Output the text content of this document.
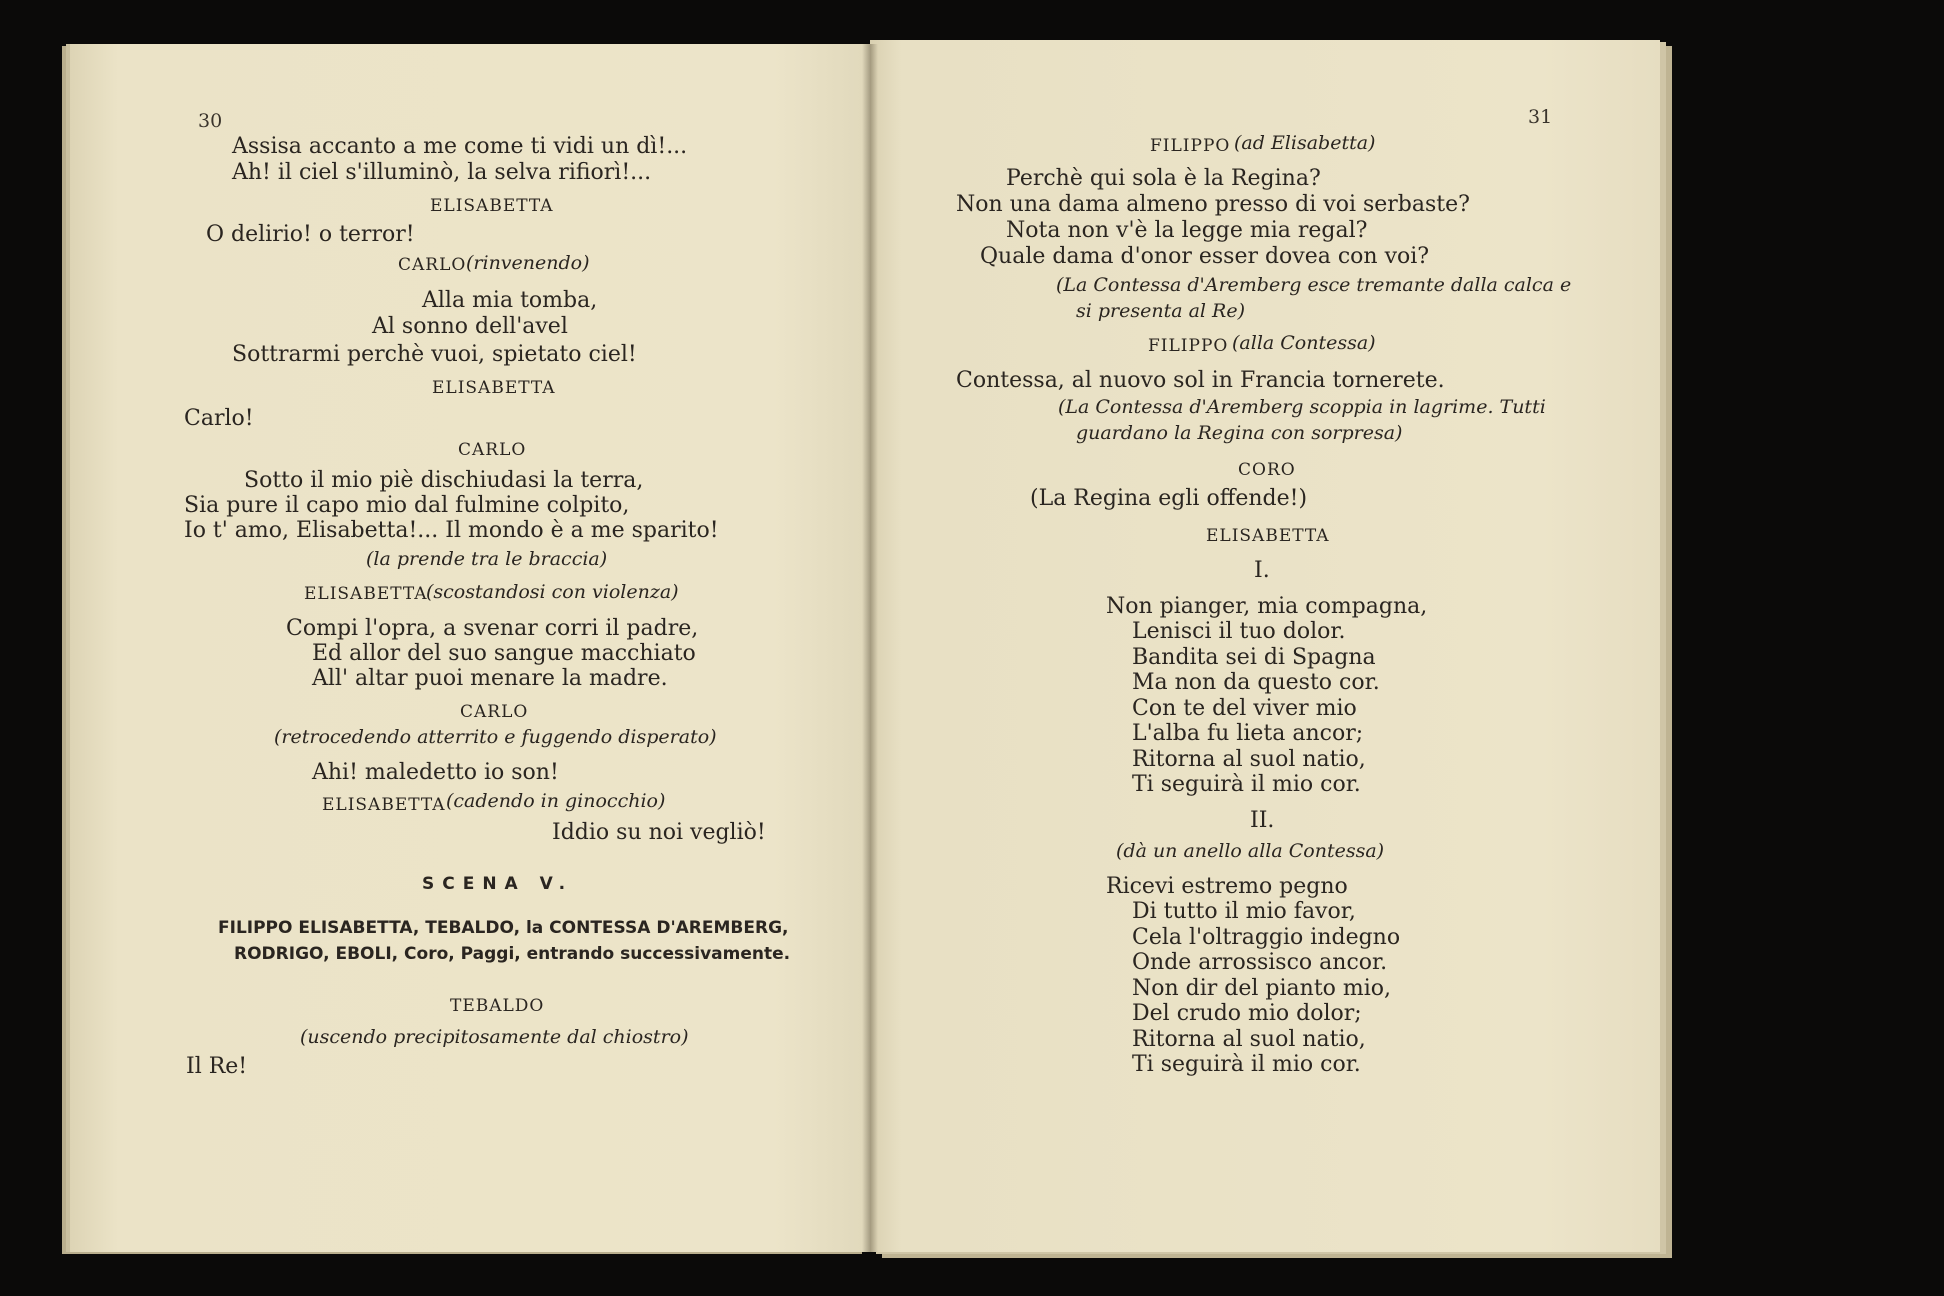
30
Assisa accanto a me come ti vidi un dì!...
Ah! il ciel s'illuminò, la selva rifiorì!...
ELISABETTA
O delirio! o terror!
CARLO (rinvenendo)
Alla mia tomba,
Al sonno dell'avel
Sottrarmi perchè vuoi, spietato ciel!
ELISABETTA
Carlo!
CARLO
Sotto il mio piè dischiudasi la terra,
Sia pure il capo mio dal fulmine colpito,
Io t' amo, Elisabetta!... Il mondo è a me sparito!
(la prende tra le braccia)
ELISABETTA
(scostandosi con violenza)
Compi l'opra, a svenar corri il padre,
Ed allor del suo sangue macchiato
All' altar puoi menare la madre.
CARLO
(retrocedendo atterrito e fuggendo disperato)
Ahi! maledetto io son!
ELISABETTA (cadendo in ginocchio)
Iddio su noi vegliò!
SCENA V.
FILIPPO ELISABETTA, TEBALDO, la CONTESSA D'AREMBERG,
RODRIGO, EBOLI, Coro, Paggi, entrando successivamente.
TEBALDO
(uscendo precipitosamente dal chiostro)
Il Re!
31
FILIPPO (ad Elisabetta)
Perchè qui sola è la Regina?
Non una dama almeno presso di voi serbaste?
Nota non v'è la legge mia regal?
Quale dama d'onor esser dovea con voi?
(La Contessa d'Aremberg esce tremante dalla calca e
si presenta al Re)
FILIPPO (alla Contessa)
Contessa, al nuovo sol in Francia tornerete.
(La Contessa d'Aremberg scoppia in lagrime. Tutti
guardano la Regina con sorpresa)
CORO
(La Regina egli offende!)
ELISABETTA
I.
Non pianger, mia compagna,
Lenisci il tuo dolor.
Bandita sei di Spagna
Ma non da questo cor.
Con te del viver mio
L'alba fu lieta ancor;
Ritorna al suol natio,
Ti seguirà il mio cor.
II.
(dà un anello alla Contessa)
Ricevi estremo pegno
Di tutto il mio favor,
Cela l'oltraggio indegno
Onde arrossisco ancor.
Non dir del pianto mio,
Del crudo mio dolor;
Ritorna al suol natio,
Ti seguirà il mio cor.
